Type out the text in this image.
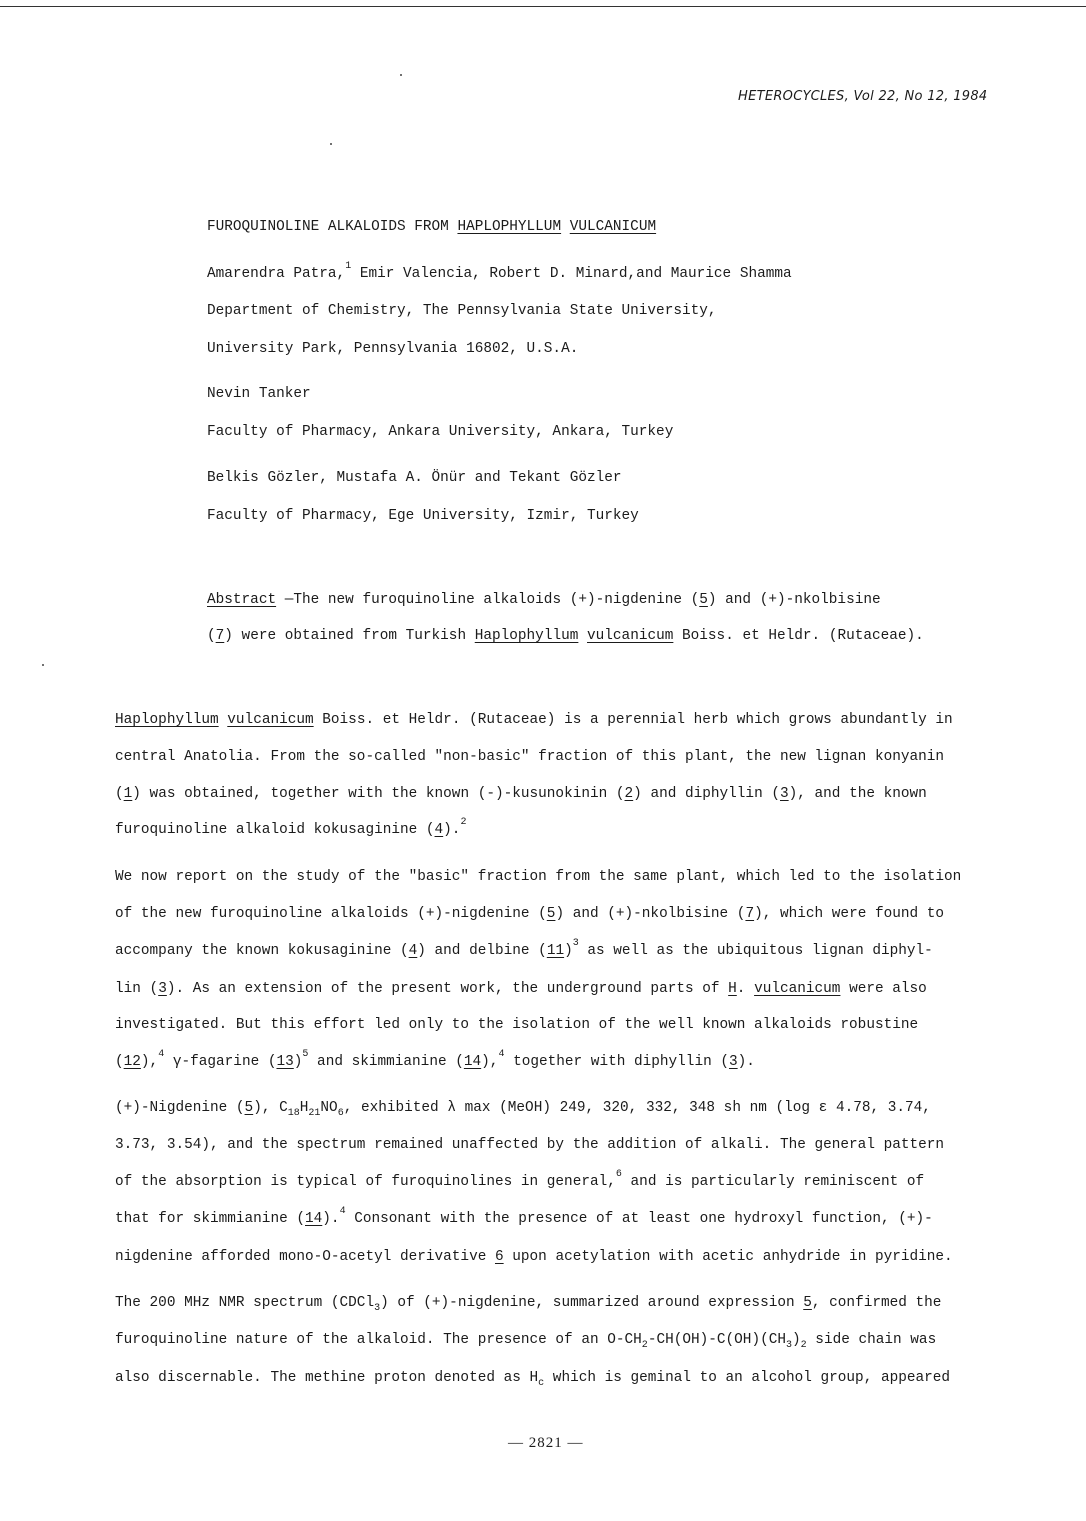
HETEROCYCLES, Vol 22, No 12, 1984
FUROQUINOLINE ALKALOIDS FROM HAPLOPHYLLUM VULCANICUM
Amarendra Patra,$^1$ Emir Valencia, Robert D. Minard,and Maurice Shamma
Department of Chemistry, The Pennsylvania State University,
University Park, Pennsylvania 16802, U.S.A.
Nevin Tanker
Faculty of Pharmacy, Ankara University, Ankara, Turkey
Belkis Gözler, Mustafa A. Önür and Tekant Gözler
Faculty of Pharmacy, Ege University, Izmir, Turkey
Abstract —The new furoquinoline alkaloids (+)-nigdenine (5) and (+)-nkolbisine
(7) were obtained from Turkish Haplophyllum vulcanicum Boiss. et Heldr. (Rutaceae).
Haplophyllum vulcanicum Boiss. et Heldr. (Rutaceae) is a perennial herb which grows abundantly in
central Anatolia. From the so-called "non-basic" fraction of this plant, the new lignan konyanin
(1) was obtained, together with the known (-)-kusunokinin (2) and diphyllin (3), and the known
furoquinoline alkaloid kokusaginine (4).$^2$
We now report on the study of the "basic" fraction from the same plant, which led to the isolation
of the new furoquinoline alkaloids (+)-nigdenine (5) and (+)-nkolbisine (7), which were found to
accompany the known kokusaginine (4) and delbine $(11)^3$ as well as the ubiquitous lignan diphyl-
lin (3). As an extension of the present work, the underground parts of H. vulcanicum were also
investigated. But this effort led only to the isolation of the well known alkaloids robustine
(12),$^4$ γ-fagarine $(13)^5$ and skimmianine (14),$^4$ together with diphyllin (3).
(+)-Nigdenine (5), $C_{18}H_{21}NO_6$, exhibited λ max (MeOH) 249, 320, 332, 348 sh nm (log ε 4.78, 3.74,
3.73, 3.54), and the spectrum remained unaffected by the addition of alkali. The general pattern
of the absorption is typical of furoquinolines in general,$^6$ and is particularly reminiscent of
that for skimmianine (14).$^4$ Consonant with the presence of at least one hydroxyl function, (+)-
nigdenine afforded mono-O-acetyl derivative 6 upon acetylation with acetic anhydride in pyridine.
The 200 MHz NMR spectrum (CDCl$_3$) of (+)-nigdenine, summarized around expression 5, confirmed the
furoquinoline nature of the alkaloid. The presence of an $O-CH_2-CH(OH)-C(OH)(CH_3)_2$ side chain was
also discernable. The methine proton denoted as $H_c$ which is geminal to an alcohol group, appeared
— 2821 —
